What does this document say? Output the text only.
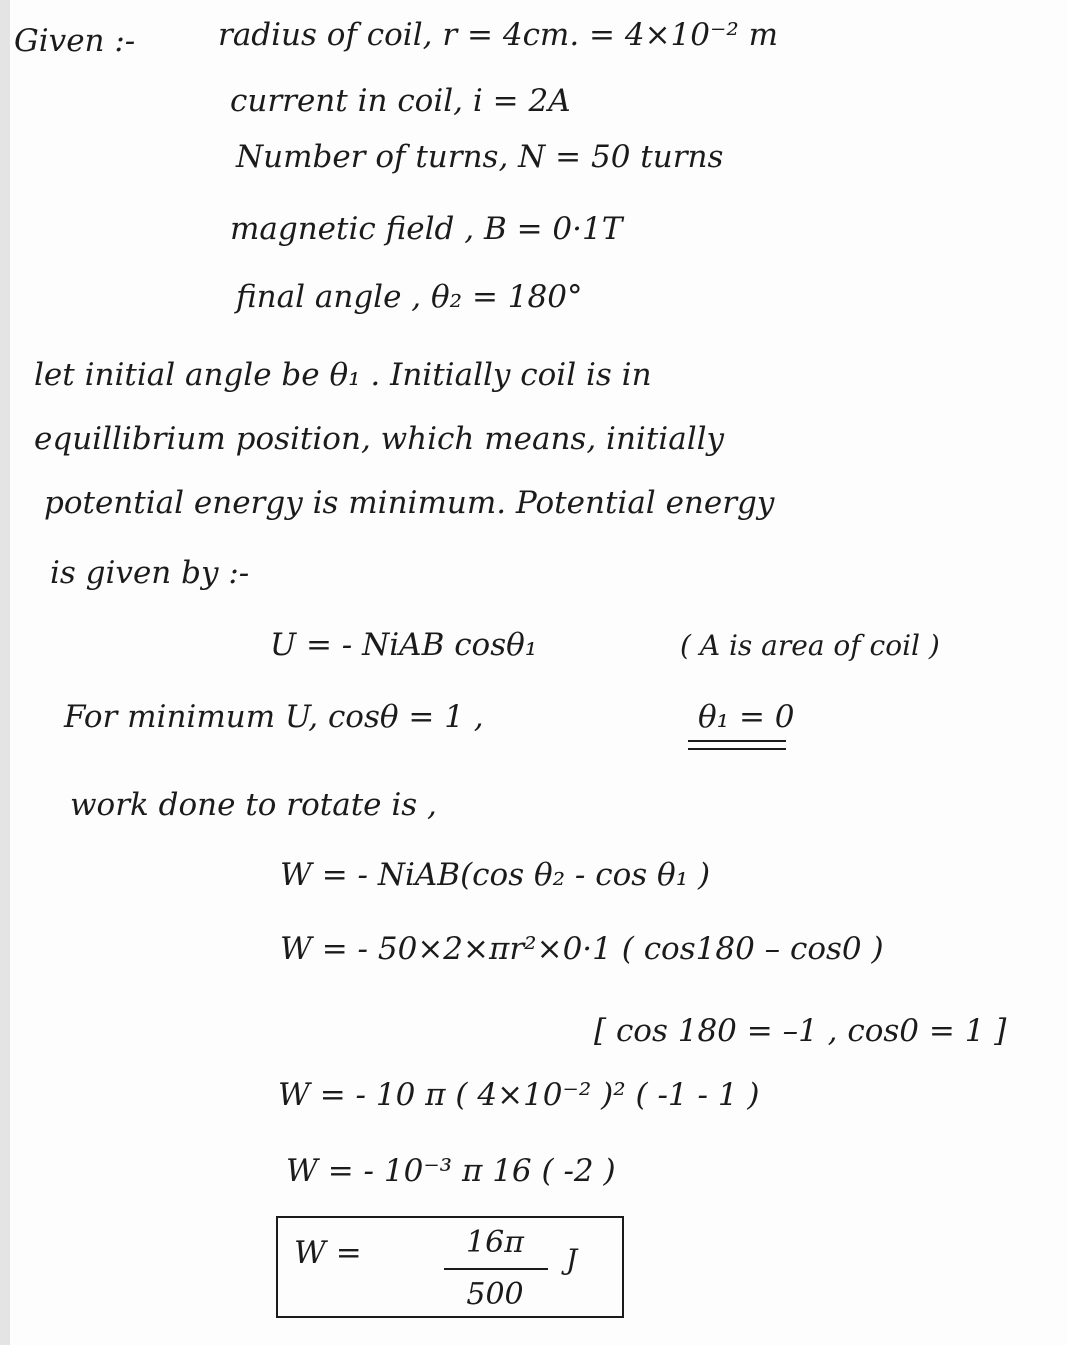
Given :-	radius of coil, r = 4cm. = 4×10⁻² m
current in coil, i = 2A
Number of turns, N = 50 turns
magnetic field , B = 0·1T
final angle , θ₂ = 180°
let initial angle be θ₁ . Initially coil is in
equillibrium position, which means, initially
potential energy is minimum. Potential energy
is given by :-
U = - NiAB cosθ₁	( A is area of coil )
For minimum U, cosθ = 1 ,	θ₁ = 0
work done to rotate is ,
W = - NiAB(cos θ₂ - cos θ₁ )
W = - 50×2×πr²×0·1 ( cos180 – cos0 )
[ cos 180 = –1 , cos0 = 1 ]
W = - 10 π ( 4×10⁻² )² ( -1 - 1 )
W = - 10⁻³ π 16 ( -2 )
W =	16π	J
500
